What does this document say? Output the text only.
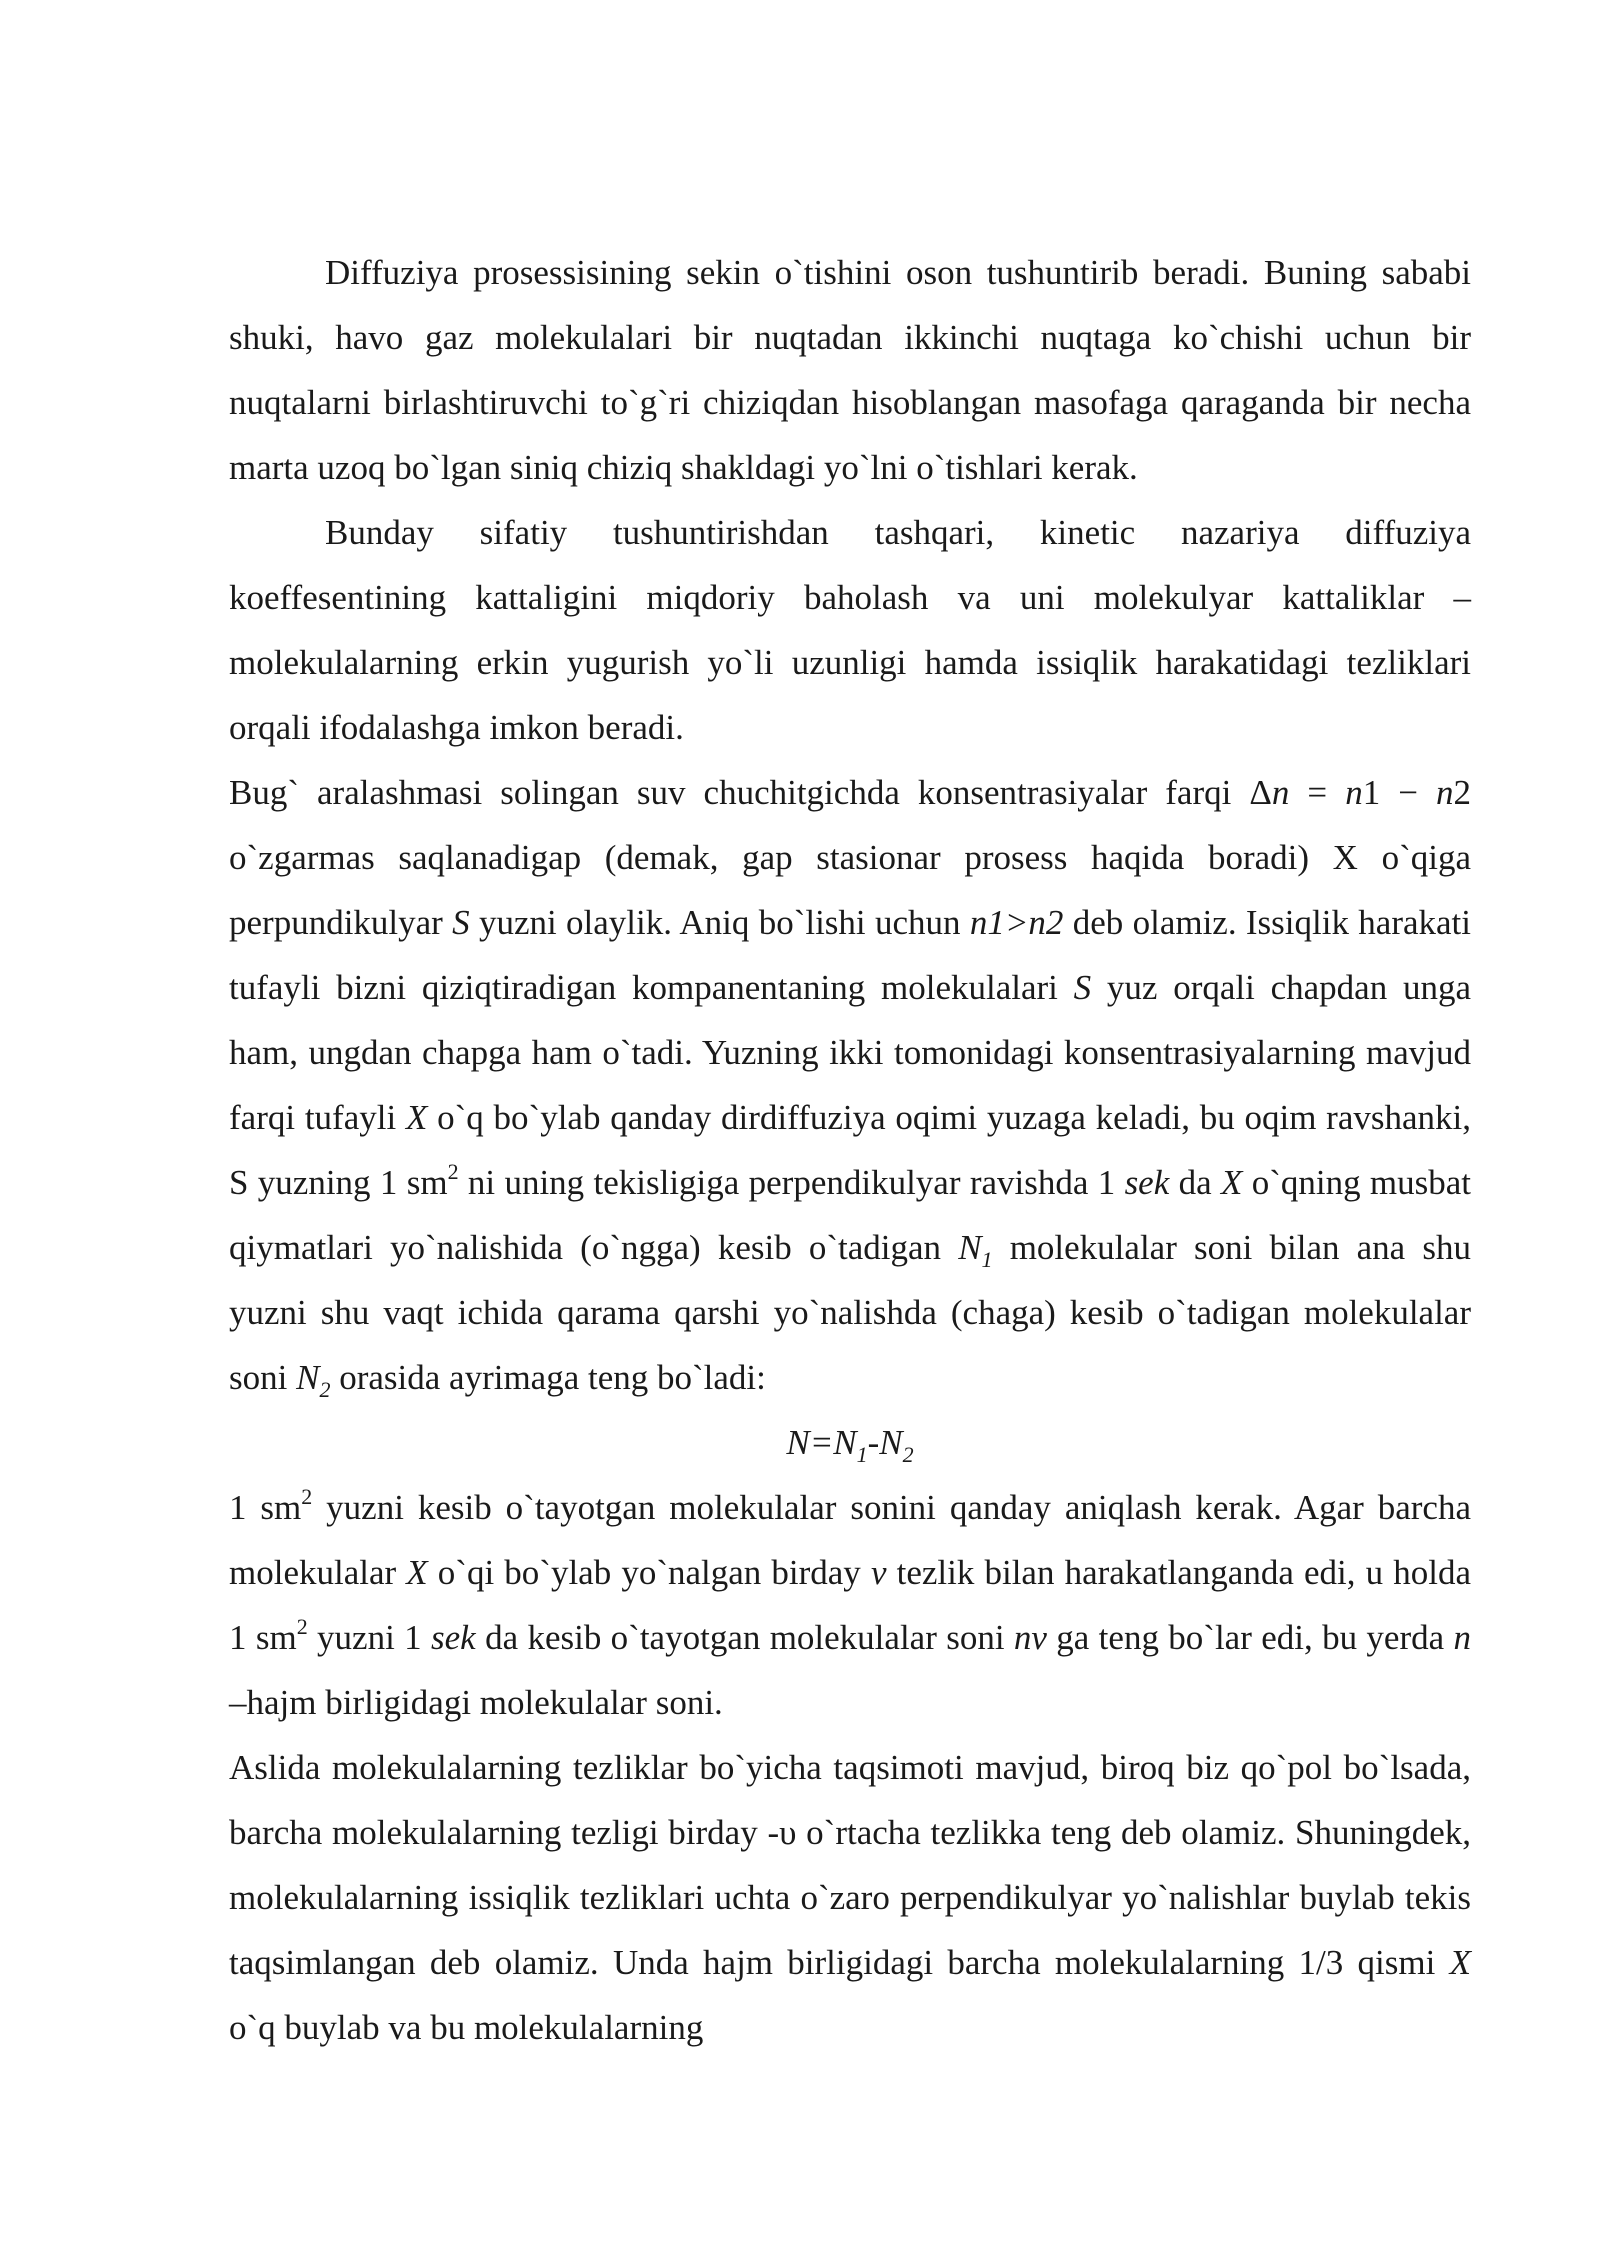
Diffuziya prosessisining sekin o`tishini oson tushuntirib beradi. Buning sababi shuki, havo gaz molekulalari bir nuqtadan ikkinchi nuqtaga ko`chishi uchun bir nuqtalarni birlashtiruvchi to`g`ri chiziqdan hisoblangan masofaga qaraganda bir necha marta uzoq bo`lgan siniq chiziq shakldagi yo`lni o`tishlari kerak.

Bunday sifatiy tushuntirishdan tashqari, kinetic nazariya diffuziya koeffesentining kattaligini miqdoriy baholash va uni molekulyar kattaliklar – molekulalarning erkin yugurish yo`li uzunligi hamda issiqlik harakatidagi tezliklari orqali ifodalashga imkon beradi.

Bug` aralashmasi solingan suv chuchitgichda konsentrasiyalar farqi Δn = n1 − n2 o`zgarmas saqlanadigap (demak, gap stasionar prosess haqida boradi) X o`qiga perpundikulyar S yuzni olaylik. Aniq bo`lishi uchun n1>n2 deb olamiz. Issiqlik harakati tufayli bizni qiziqtiradigan kompanentaning molekulalari S yuz orqali chapdan unga ham, ungdan chapga ham o`tadi. Yuzning ikki tomonidagi konsentrasiyalarning mavjud farqi tufayli X o`q bo`ylab qanday dirdiffuziya oqimi yuzaga keladi, bu oqim ravshanki, S yuzning 1 $sm^2$ ni uning tekisligiga perpendikulyar ravishda 1 sek da X o`qning musbat qiymatlari yo`nalishida (o`ngga) kesib o`tadigan $N_1$ molekulalar soni bilan ana shu yuzni shu vaqt ichida qarama qarshi yo`nalishda (chaga) kesib o`tadigan molekulalar soni $N_2$ orasida ayrimaga teng bo`ladi:

$N=N_1-N_2$

1 $sm^2$ yuzni kesib o`tayotgan molekulalar sonini qanday aniqlash kerak. Agar barcha molekulalar X o`qi bo`ylab yo`nalgan birday v tezlik bilan harakatlanganda edi, u holda 1 $sm^2$ yuzni 1 sek da kesib o`tayotgan molekulalar soni nv ga teng bo`lar edi, bu yerda n –hajm birligidagi molekulalar soni.

Aslida molekulalarning tezliklar bo`yicha taqsimoti mavjud, biroq biz qo`pol bo`lsada, barcha molekulalarning tezligi birday -υ o`rtacha tezlikka teng deb olamiz. Shuningdek, molekulalarning issiqlik tezliklari uchta o`zaro perpendikulyar yo`nalishlar buylab tekis taqsimlangan deb olamiz. Unda hajm birligidagi barcha molekulalarning 1/3 qismi X o`q buylab va bu molekulalarning
